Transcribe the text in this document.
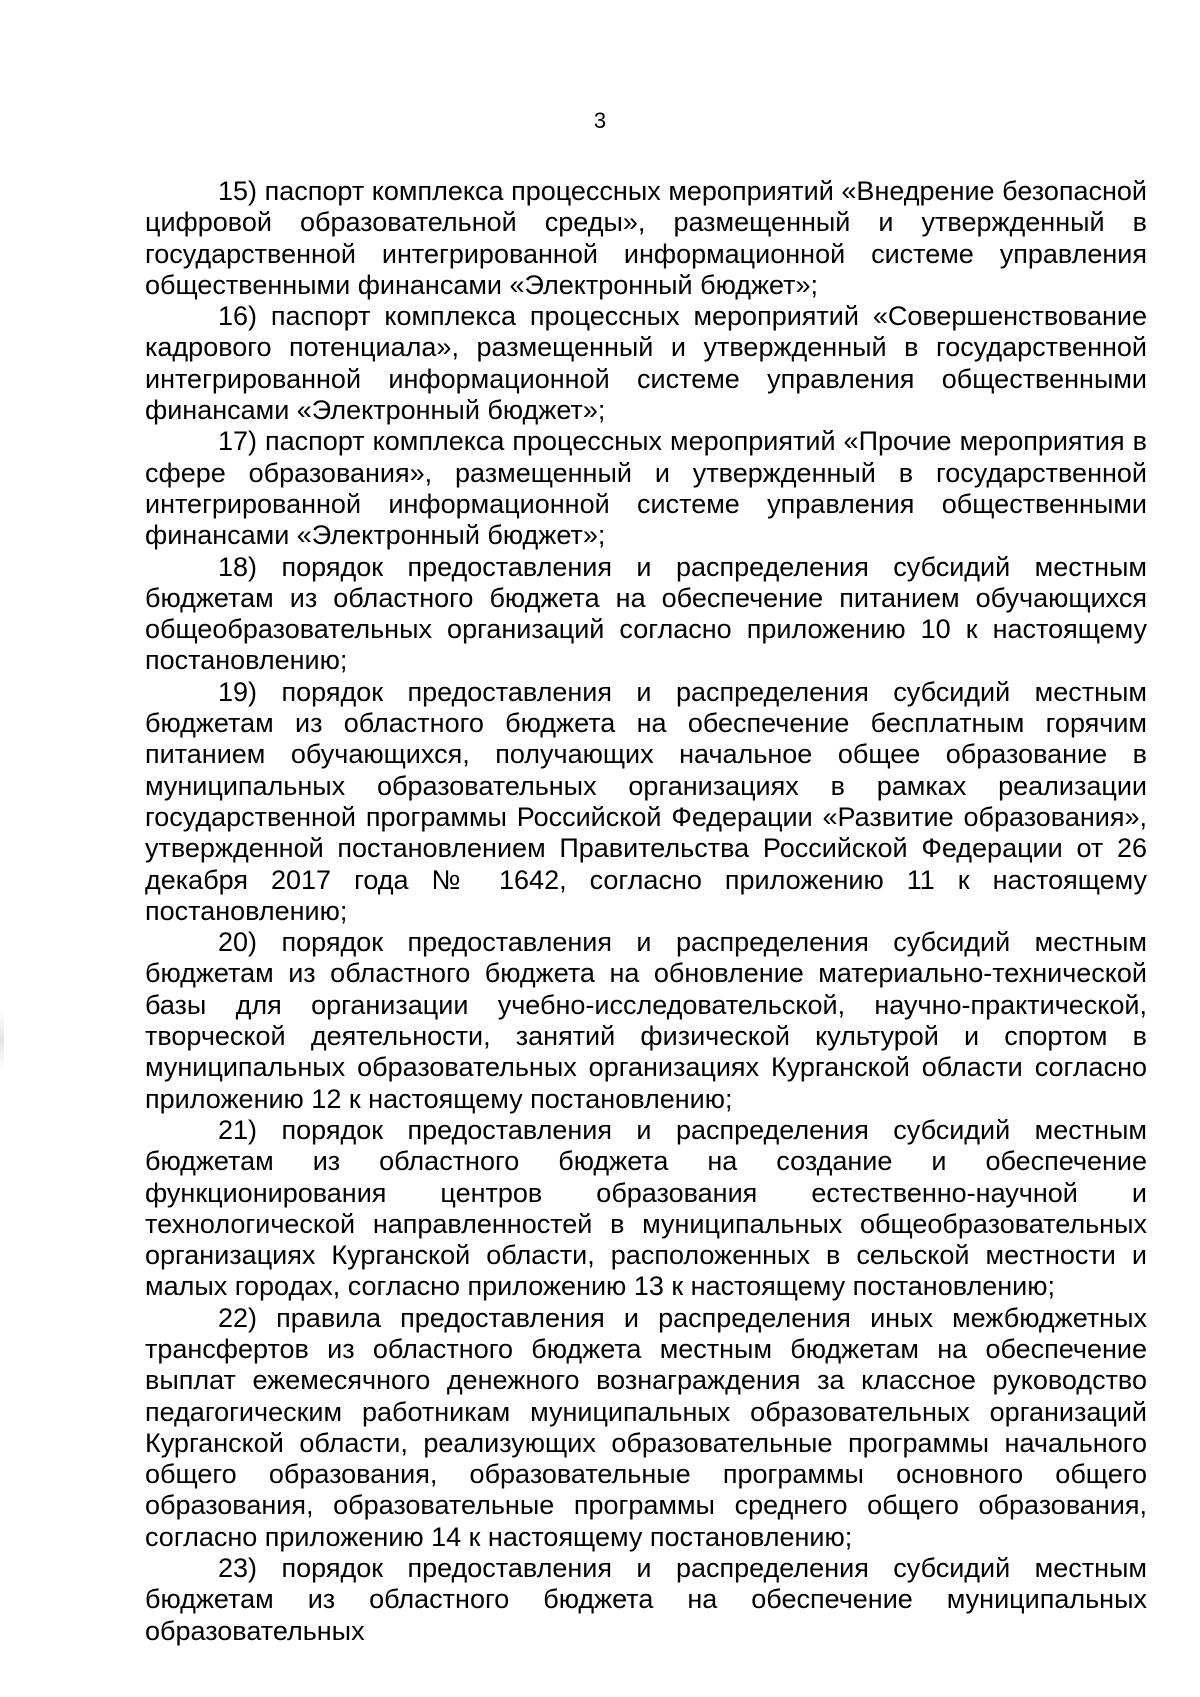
3

15) паспорт комплекса процессных мероприятий «Внедрение безопасной цифровой образовательной среды», размещенный и утвержденный в государственной интегрированной информационной системе управления общественными финансами «Электронный бюджет»;

16) паспорт комплекса процессных мероприятий «Совершенствование кадрового потенциала», размещенный и утвержденный в государственной интегрированной информационной системе управления общественными финансами «Электронный бюджет»;

17) паспорт комплекса процессных мероприятий «Прочие мероприятия в сфере образования», размещенный и утвержденный в государственной интегрированной информационной системе управления общественными финансами «Электронный бюджет»;

18) порядок предоставления и распределения субсидий местным бюджетам из областного бюджета на обеспечение питанием обучающихся общеобразовательных организаций согласно приложению 10 к настоящему постановлению;

19) порядок предоставления и распределения субсидий местным бюджетам из областного бюджета на обеспечение бесплатным горячим питанием обучающихся, получающих начальное общее образование в муниципальных образовательных организациях в рамках реализации государственной программы Российской Федерации «Развитие образования», утвержденной постановлением Правительства Российской Федерации от 26 декабря 2017 года № 1642, согласно приложению 11 к настоящему постановлению;

20) порядок предоставления и распределения субсидий местным бюджетам из областного бюджета на обновление материально-технической базы для организации учебно-исследовательской, научно-практической, творческой деятельности, занятий физической культурой и спортом в муниципальных образовательных организациях Курганской области согласно приложению 12 к настоящему постановлению;

21) порядок предоставления и распределения субсидий местным бюджетам из областного бюджета на создание и обеспечение функционирования центров образования естественно-научной и технологической направленностей в муниципальных общеобразовательных организациях Курганской области, расположенных в сельской местности и малых городах, согласно приложению 13 к настоящему постановлению;

22) правила предоставления и распределения иных межбюджетных трансфертов из областного бюджета местным бюджетам на обеспечение выплат ежемесячного денежного вознаграждения за классное руководство педагогическим работникам муниципальных образовательных организаций Курганской области, реализующих образовательные программы начального общего образования, образовательные программы основного общего образования, образовательные программы среднего общего образования, согласно приложению 14 к настоящему постановлению;

23) порядок предоставления и распределения субсидий местным бюджетам из областного бюджета на обеспечение муниципальных образовательных
